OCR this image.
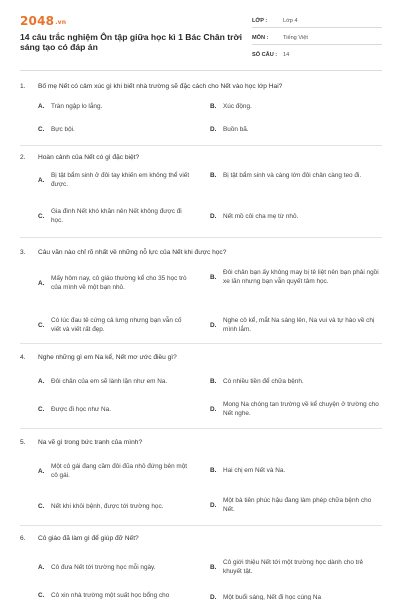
2048.vn
14 câu trắc nghiệm Ôn tập giữa học kì 1 Bác Chân trời sáng tạo có đáp án
LỚP :	Lớp 4
MÔN :	Tiếng Việt
SỐ CÂU :	14
1. Bố mẹ Nết có cảm xúc gì khi biết nhà trường sẽ đặc cách cho Nết vào học lớp Hai?
A.	Tràn ngập lo lắng.	B.	Xúc động.
C.	Bực bội.	D.	Buồn bã.
2. Hoàn cảnh của Nết có gì đặc biệt?
A.
Bị tật bẩm sinh ở đôi tay khiến em không thể viết được.
B.	Bị tật bẩm sinh và càng lớn đôi chân càng teo đi.
C.
Gia đình Nết khó khăn nên Nết không được đi học.
D.	Nết mồ côi cha mẹ từ nhỏ.
3. Câu văn nào chỉ rõ nhất về những nỗ lực của Nết khi được học?
A.
Mấy hôm nay, cô giáo thường kể cho 35 học trò của mình về một bạn nhỏ.
B.
Đôi chân bạn ấy không may bị tê liệt nên bạn phải ngồi xe lăn nhưng bạn vẫn quyết tâm học.
C.
Có lúc đau tê cứng cả lưng nhưng bạn vẫn cố viết và viết rất đẹp.
D.
Nghe cô kể, mắt Na sáng lên, Na vui và tự hào về chị mình lắm.
4. Nghe những gì em Na kể, Nết mơ ước điều gì?
A.	Đôi chân của em sẽ lành lặn như em Na.	B.	Có nhiều tiền để chữa bệnh.
C.	Được đi học như Na.	D.
Mong Na chóng tan trường về kể chuyện ở trường cho Nết nghe.
5. Na vẽ gì trong bức tranh của mình?
A.
Một cô gái đang cầm đôi đũa nhỏ đứng bên một cô gái.
B.	Hai chị em Nết và Na.
C.	Nết khi khỏi bệnh, được tới trường học.	D.
Một bà tiên phúc hậu đang làm phép chữa bệnh cho Nết.
6. Cô giáo đã làm gì để giúp đỡ Nết?
A.	Cô đưa Nết tới trường học mỗi ngày.	B.
Cô giới thiệu Nết tới một trường học dành cho trẻ khuyết tật.
C.	Cô xin nhà trường một suất học bổng cho	D.	Một buổi sáng, Nết đi học cùng Na
